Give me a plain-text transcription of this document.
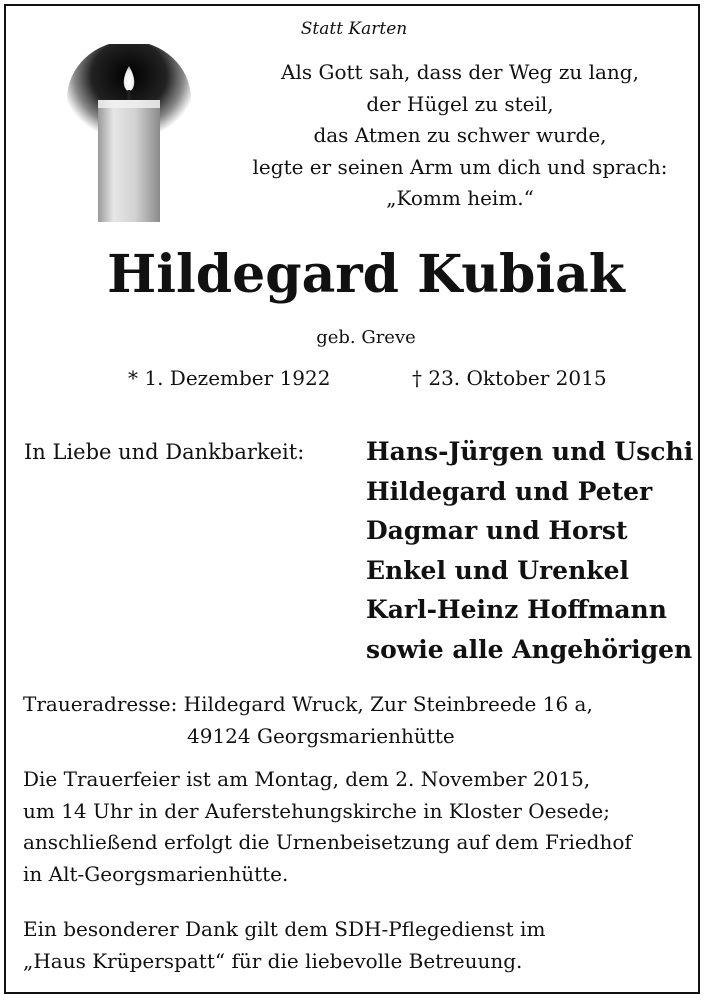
Statt Karten
Als Gott sah, dass der Weg zu lang,
der Hügel zu steil,
das Atmen zu schwer wurde,
legte er seinen Arm um dich und sprach:
„Komm heim.“
Hildegard Kubiak
geb. Greve
* 1. Dezember 1922	† 23. Oktober 2015
In Liebe und Dankbarkeit: Hans-Jürgen und Uschi
Hildegard und Peter
Dagmar und Horst
Enkel und Urenkel
Karl-Heinz Hoffmann
sowie alle Angehörigen
Traueradresse: Hildegard Wruck, Zur Steinbreede 16 a,
49124 Georgsmarienhütte
Die Trauerfeier ist am Montag, dem 2. November 2015,
um 14 Uhr in der Auferstehungskirche in Kloster Oesede;
anschließend erfolgt die Urnenbeisetzung auf dem Friedhof
in Alt-Georgsmarienhütte.
Ein besonderer Dank gilt dem SDH-Pflegedienst im
„Haus Krüperspatt“ für die liebevolle Betreuung.
